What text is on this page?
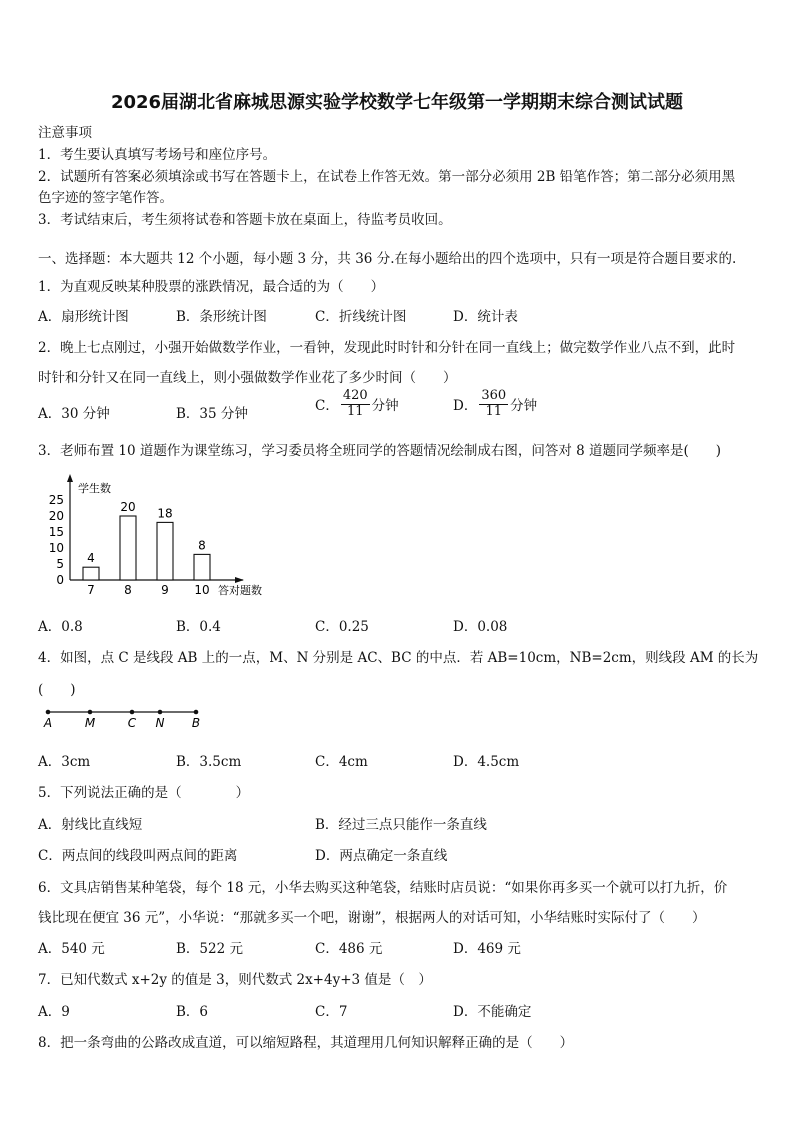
2026届湖北省麻城思源实验学校数学七年级第一学期期末综合测试试题
注意事项
1．考生要认真填写考场号和座位序号。
2．试题所有答案必须填涂或书写在答题卡上，在试卷上作答无效。第一部分必须用 2B 铅笔作答；第二部分必须用黑
色字迹的签字笔作答。
3．考试结束后，考生须将试卷和答题卡放在桌面上，待监考员收回。
一、选择题：本大题共 12 个小题，每小题 3 分，共 36 分.在每小题给出的四个选项中，只有一项是符合题目要求的.
1．为直观反映某种股票的涨跌情况，最合适的为（　　）
A．扇形统计图	B．条形统计图	C．折线统计图	D．统计表
2．晚上七点刚过，小强开始做数学作业，一看钟，发现此时时针和分针在同一直线上；做完数学作业八点不到，此时
时针和分针又在同一直线上，则小强做数学作业花了多少时间（　　）
A．30 分钟	B．35 分钟	C． $\frac{420}{11}$ 分钟	D． $\frac{360}{11}$ 分钟
3．老师布置 10 道题作为课堂练习，学习委员将全班同学的答题情况绘制成右图，问答对 8 道题同学频率是(　　)
学生数
答对题数
0
5
10
15
20
25
4
7
20
8
18
9
8
10
A．0.8	B．0.4	C．0.25	D．0.08
4．如图，点 C 是线段 AB 上的一点，M、N 分别是 AC、BC 的中点．若 AB=10cm，NB=2cm，则线段 AM 的长为
(　　)
A	M	C N B
A．3cm	B．3.5cm	C．4cm	D．4.5cm
5．下列说法正确的是（　　　　）
A．射线比直线短	B．经过三点只能作一条直线
C．两点间的线段叫两点间的距离	D．两点确定一条直线
6．文具店销售某种笔袋，每个 18 元，小华去购买这种笔袋，结账时店员说：“如果你再多买一个就可以打九折，价
钱比现在便宜 36 元”，小华说：“那就多买一个吧，谢谢”，根据两人的对话可知，小华结账时实际付了（　　）
A．540 元	B．522 元	C．486 元	D．469 元
7．已知代数式 x+2y 的值是 3，则代数式 2x+4y+3 值是（　）
A．9	B．6	C．7	D．不能确定
8．把一条弯曲的公路改成直道，可以缩短路程，其道理用几何知识解释正确的是（　　）
